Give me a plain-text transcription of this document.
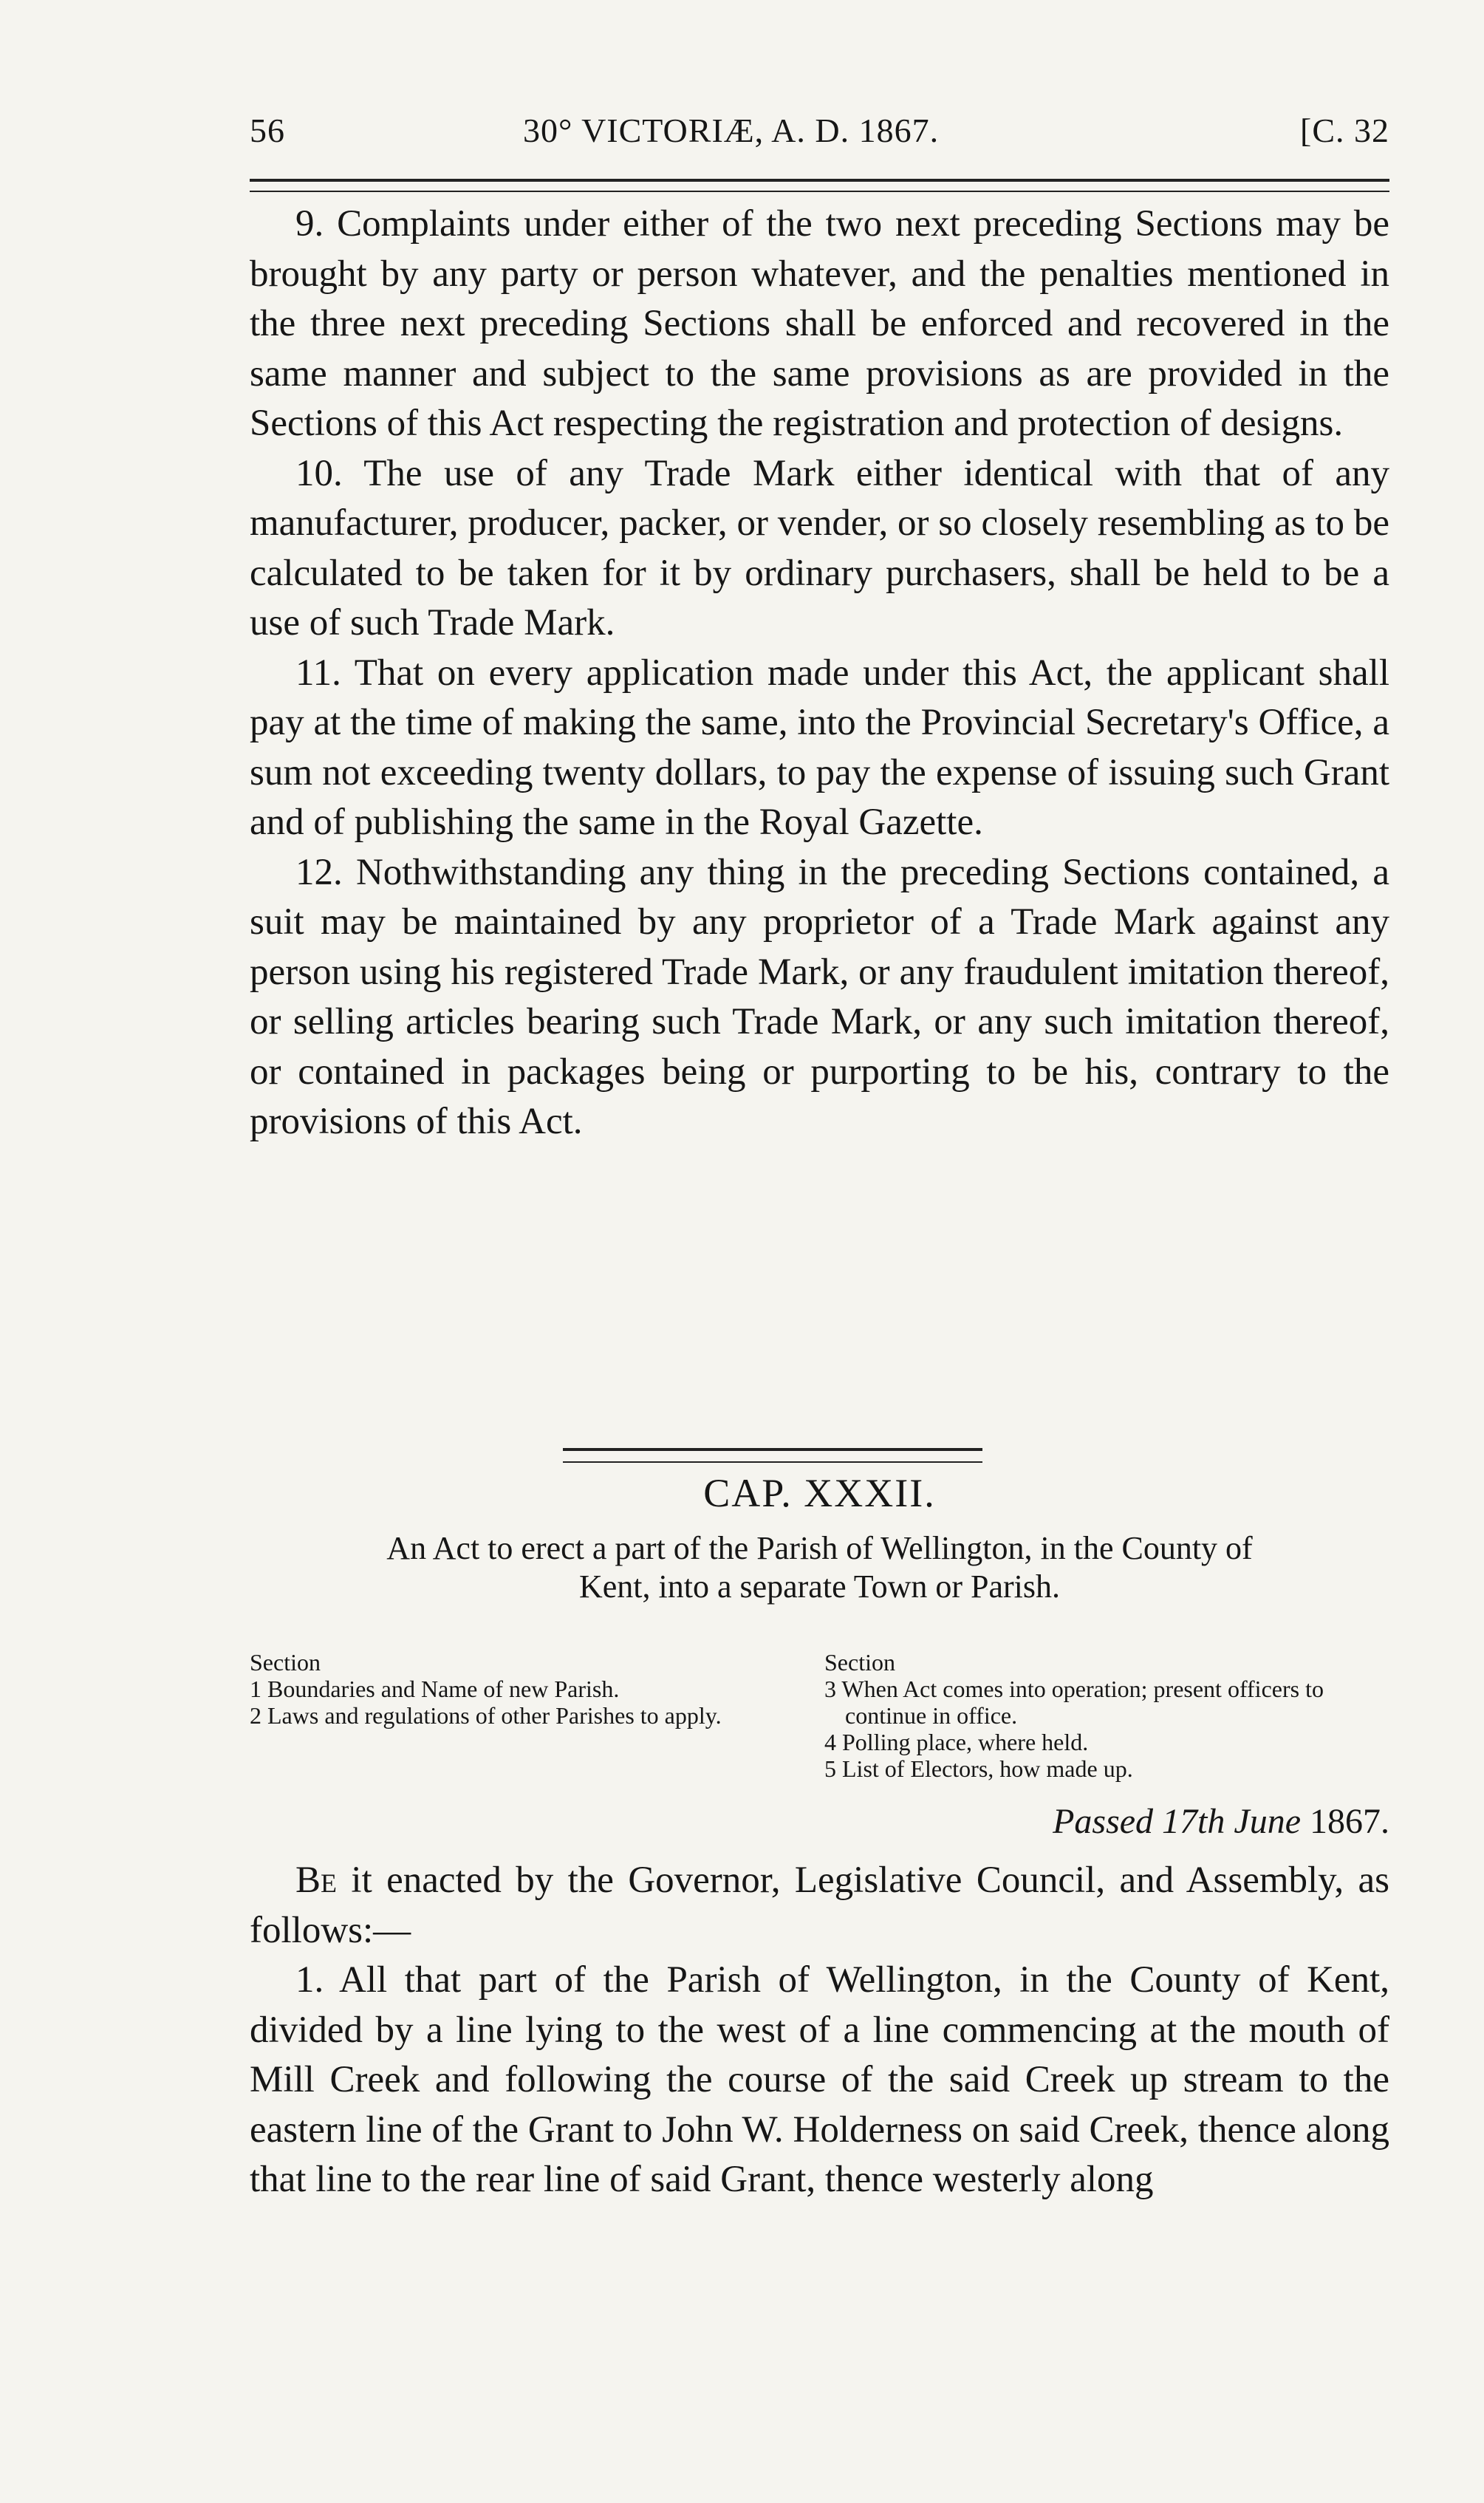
56	30° VICTORIÆ, A. D. 1867.	[C. 32

9. Complaints under either of the two next preceding Sections may be brought by any party or person whatever, and the penalties mentioned in the three next preceding Sections shall be enforced and recovered in the same manner and subject to the same provisions as are provided in the Sections of this Act respecting the registration and protection of designs.

10. The use of any Trade Mark either identical with that of any manufacturer, producer, packer, or vender, or so closely resembling as to be calculated to be taken for it by ordinary purchasers, shall be held to be a use of such Trade Mark.

11. That on every application made under this Act, the applicant shall pay at the time of making the same, into the Provincial Secretary's Office, a sum not exceeding twenty dollars, to pay the expense of issuing such Grant and of publishing the same in the Royal Gazette.

12. Nothwithstanding any thing in the preceding Sections contained, a suit may be maintained by any proprietor of a Trade Mark against any person using his registered Trade Mark, or any fraudulent imitation thereof, or selling articles bearing such Trade Mark, or any such imitation thereof, or contained in packages being or purporting to be his, contrary to the provisions of this Act.

CAP. XXXII.
An Act to erect a part of the Parish of Wellington, in the County of
Kent, into a separate Town or Parish.
Section
1 Boundaries and Name of new Parish.
2 Laws and regulations of other Parishes to apply.
Section
3 When Act comes into operation; present officers to continue in office.
4 Polling place, where held.
5 List of Electors, how made up.
Passed 17th June 1867.

Be it enacted by the Governor, Legislative Council, and Assembly, as follows:—

1. All that part of the Parish of Wellington, in the County of Kent, divided by a line lying to the west of a line commencing at the mouth of Mill Creek and following the course of the said Creek up stream to the eastern line of the Grant to John W. Holderness on said Creek, thence along that line to the rear line of said Grant, thence westerly along
